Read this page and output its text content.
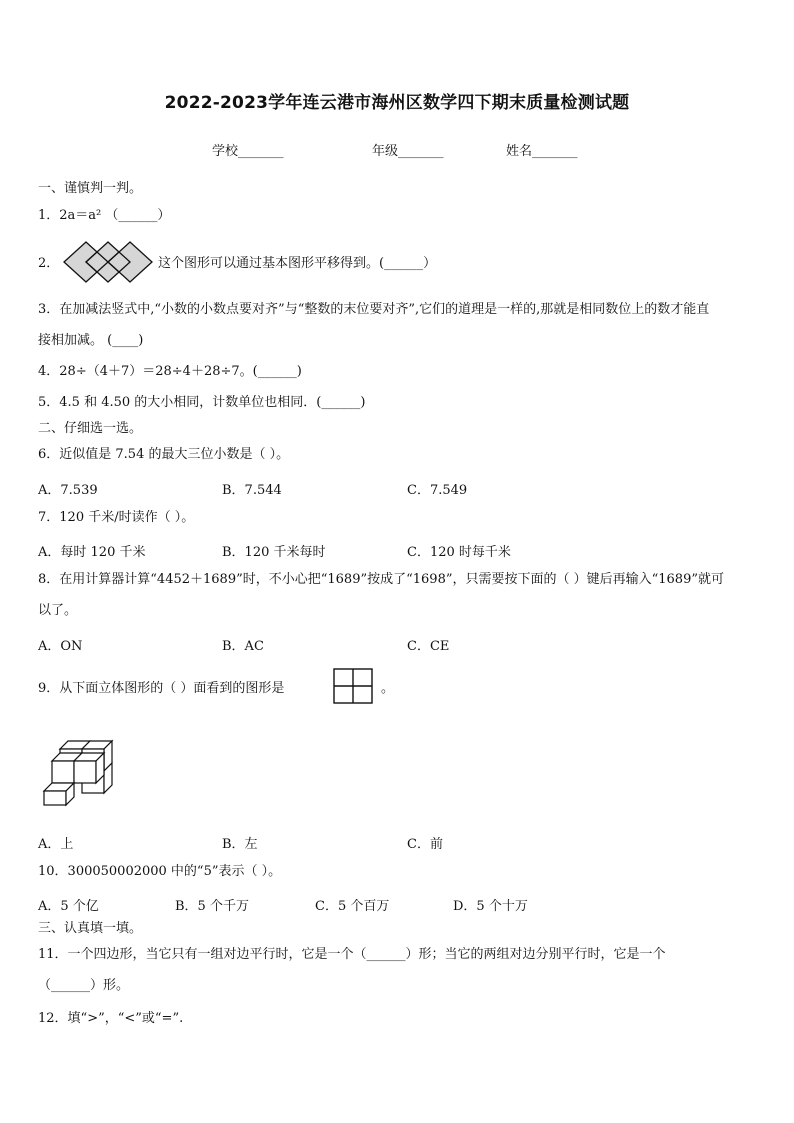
2022-2023学年连云港市海州区数学四下期末质量检测试题
学校_______	年级_______	姓名_______
一、谨慎判一判。
1．2a＝a² （______）
2．	这个图形可以通过基本图形平移得到。(______）
3．在加减法竖式中,“小数的小数点要对齐”与“整数的末位要对齐”,它们的道理是一样的,那就是相同数位上的数才能直
接相加减。 (____)
4．28÷（4＋7）＝28÷4＋28÷7。(______)
5．4.5 和 4.50 的大小相同，计数单位也相同．(______)
二、仔细选一选。
6．近似值是 7.54 的最大三位小数是（ ）。
A．7.539	B．7.544	C．7.549
7．120 千米/时读作（ ）。
A．每时 120 千米	B．120 千米每时	C．120 时每千米
8．在用计算器计算“4452＋1689”时，不小心把“1689”按成了“1698”，只需要按下面的（ ）键后再输入“1689”就可
以了。
A．ON	B．AC	C．CE
9．从下面立体图形的（ ）面看到的图形是	。
A．上	B．左	C．前
10．300050002000 中的“5”表示（ ）。
A．5 个亿	B．5 个千万	C．5 个百万	D．5 个十万
三、认真填一填。
11．一个四边形，当它只有一组对边平行时，它是一个（______）形；当它的两组对边分别平行时，它是一个
（______）形。
12．填“>”，“<”或“=”.
